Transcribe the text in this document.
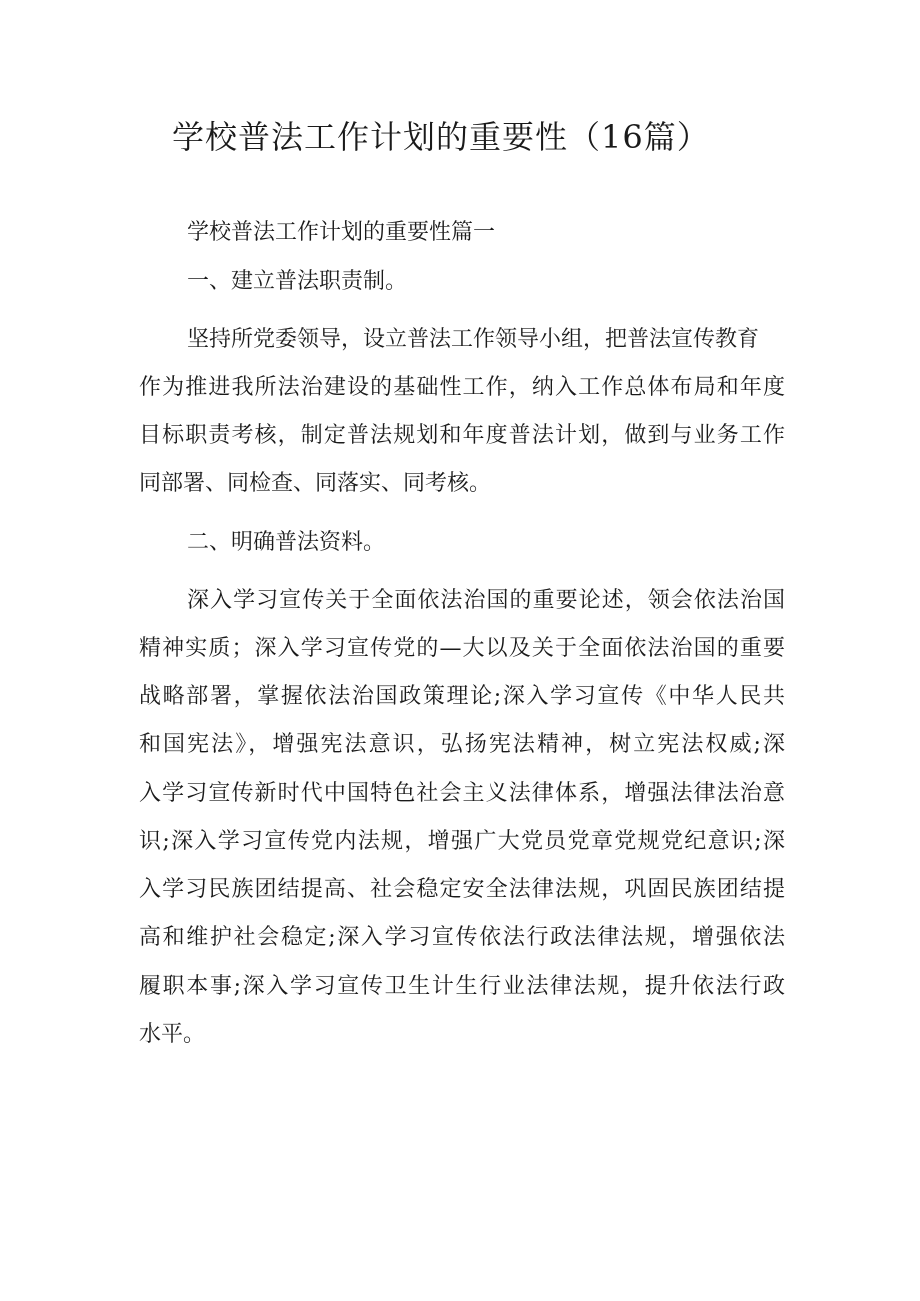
学校普法工作计划的重要性（16篇）

学校普法工作计划的重要性篇一

一、建立普法职责制。

坚持所党委领导，设立普法工作领导小组，把普法宣传教育

作为推进我所法治建设的基础性工作，纳入工作总体布局和年度

目标职责考核，制定普法规划和年度普法计划，做到与业务工作

同部署、同检查、同落实、同考核。

二、明确普法资料。

深入学习宣传关于全面依法治国的重要论述，领会依法治国

精神实质；深入学习宣传党的—大以及关于全面依法治国的重要

战略部署，掌握依法治国政策理论;深入学习宣传《中华人民共

和国宪法》，增强宪法意识，弘扬宪法精神，树立宪法权威;深

入学习宣传新时代中国特色社会主义法律体系，增强法律法治意

识;深入学习宣传党内法规，增强广大党员党章党规党纪意识;深

入学习民族团结提高、社会稳定安全法律法规，巩固民族团结提

高和维护社会稳定;深入学习宣传依法行政法律法规，增强依法

履职本事;深入学习宣传卫生计生行业法律法规，提升依法行政

水平。
